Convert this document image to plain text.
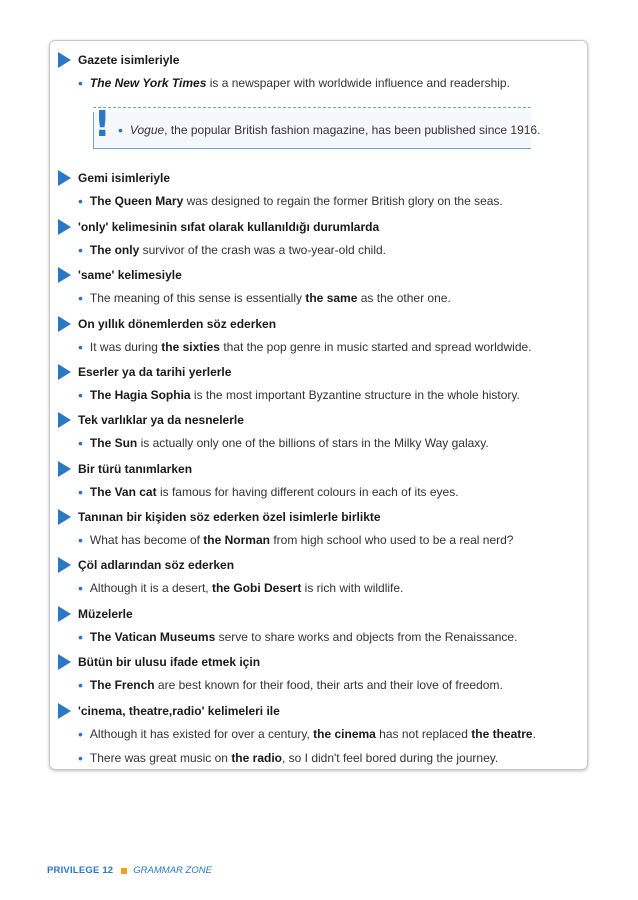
Gazete isimleriyle
• The New York Times is a newspaper with worldwide influence and readership.
! • Vogue , the popular British fashion magazine, has been published since 1916.
Gemi isimleriyle
• The Queen Mary was designed to regain the former British glory on the seas.
'only' kelimesinin sıfat olarak kullanıldığı durumlarda
• The only survivor of the crash was a two-year-old child.
'same' kelimesiyle
• The meaning of this sense is essentially the same as the other one.
On yıllık dönemlerden söz ederken
• It was during the sixties that the pop genre in music started and spread worldwide.
Eserler ya da tarihi yerlerle
• The Hagia Sophia is the most important Byzantine structure in the whole history.
Tek varlıklar ya da nesnelerle
• The Sun is actually only one of the billions of stars in the Milky Way galaxy.
Bir türü tanımlarken
• The Van cat is famous for having different colours in each of its eyes.
Tanınan bir kişiden söz ederken özel isimlerle birlikte
• What has become of the Norman from high school who used to be a real nerd?
Çöl adlarından söz ederken
• Although it is a desert, the Gobi Desert is rich with wildlife.
Müzelerle
• The Vatican Museums serve to share works and objects from the Renaissance.
Bütün bir ulusu ifade etmek için
• The French are best known for their food, their arts and their love of freedom.
'cinema, theatre,radio' kelimeleri ile
• Although it has existed for over a century, the cinema has not replaced the theatre .
• There was great music on the radio , so I didn't feel bored during the journey.
PRIVILEGE 12 GRAMMAR ZONE
